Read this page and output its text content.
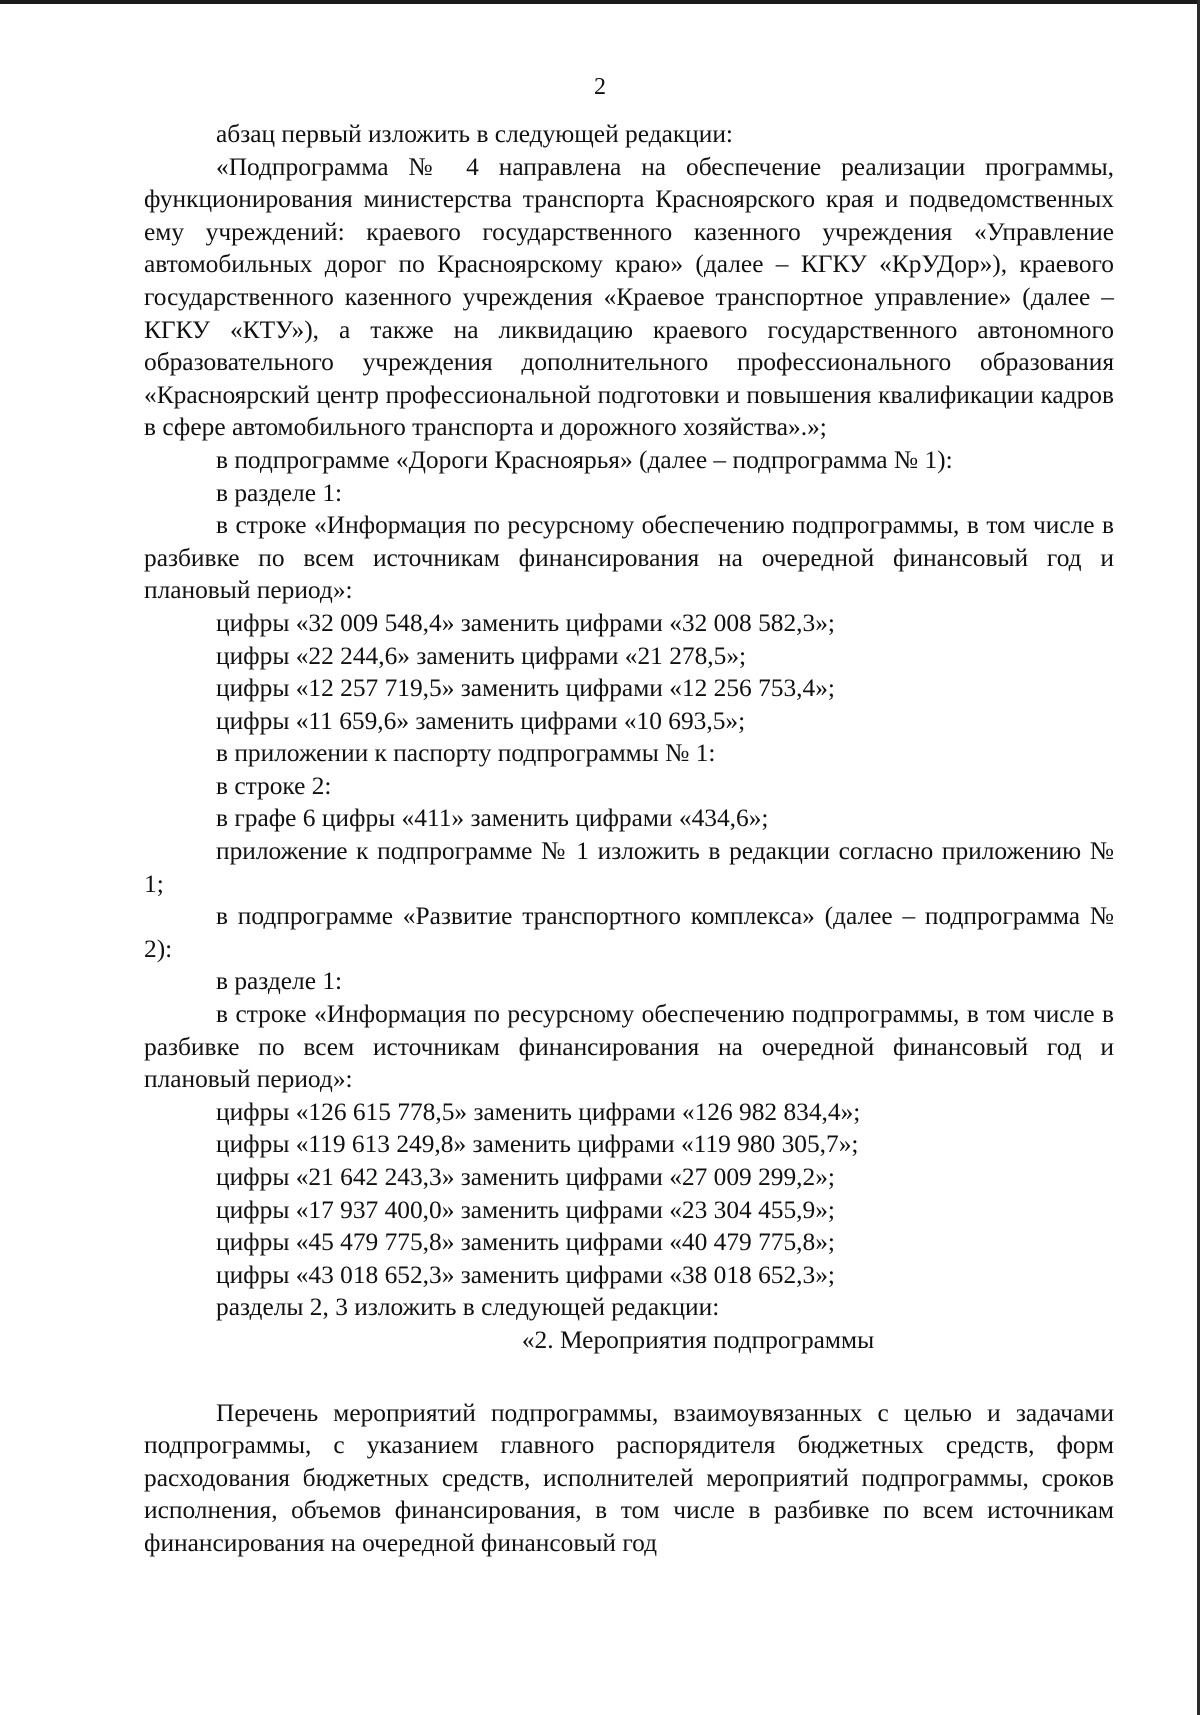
2

абзац первый изложить в следующей редакции:

«Подпрограмма № 4 направлена на обеспечение реализации программы, функционирования министерства транспорта Красноярского края и подведомственных ему учреждений: краевого государственного казенного учреждения «Управление автомобильных дорог по Красноярскому краю» (далее – КГКУ «КрУДор»), краевого государственного казенного учреждения «Краевое транспортное управление» (далее – КГКУ «КТУ»), а также на ликвидацию краевого государственного автономного образовательного учреждения дополнительного профессионального образования «Красноярский центр профессиональной подготовки и повышения квалификации кадров в сфере автомобильного транспорта и дорожного хозяйства».»;

в подпрограмме «Дороги Красноярья» (далее – подпрограмма № 1):

в разделе 1:

в строке «Информация по ресурсному обеспечению подпрограммы, в том числе в разбивке по всем источникам финансирования на очередной финансовый год и плановый период»:

цифры «32 009 548,4» заменить цифрами «32 008 582,3»;

цифры «22 244,6» заменить цифрами «21 278,5»;

цифры «12 257 719,5» заменить цифрами «12 256 753,4»;

цифры «11 659,6» заменить цифрами «10 693,5»;

в приложении к паспорту подпрограммы № 1:

в строке 2:

в графе 6 цифры «411» заменить цифрами «434,6»;

приложение к подпрограмме № 1 изложить в редакции согласно приложению № 1;

в подпрограмме «Развитие транспортного комплекса» (далее – подпрограмма № 2):

в разделе 1:

в строке «Информация по ресурсному обеспечению подпрограммы, в том числе в разбивке по всем источникам финансирования на очередной финансовый год и плановый период»:

цифры «126 615 778,5» заменить цифрами «126 982 834,4»;

цифры «119 613 249,8» заменить цифрами «119 980 305,7»;

цифры «21 642 243,3» заменить цифрами «27 009 299,2»;

цифры «17 937 400,0» заменить цифрами «23 304 455,9»;

цифры «45 479 775,8» заменить цифрами «40 479 775,8»;

цифры «43 018 652,3» заменить цифрами «38 018 652,3»;

разделы 2, 3 изложить в следующей редакции:

«2. Мероприятия подпрограммы

Перечень мероприятий подпрограммы, взаимоувязанных с целью и задачами подпрограммы, с указанием главного распорядителя бюджетных средств, форм расходования бюджетных средств, исполнителей мероприятий подпрограммы, сроков исполнения, объемов финансирования, в том числе в разбивке по всем источникам финансирования на очередной финансовый год
